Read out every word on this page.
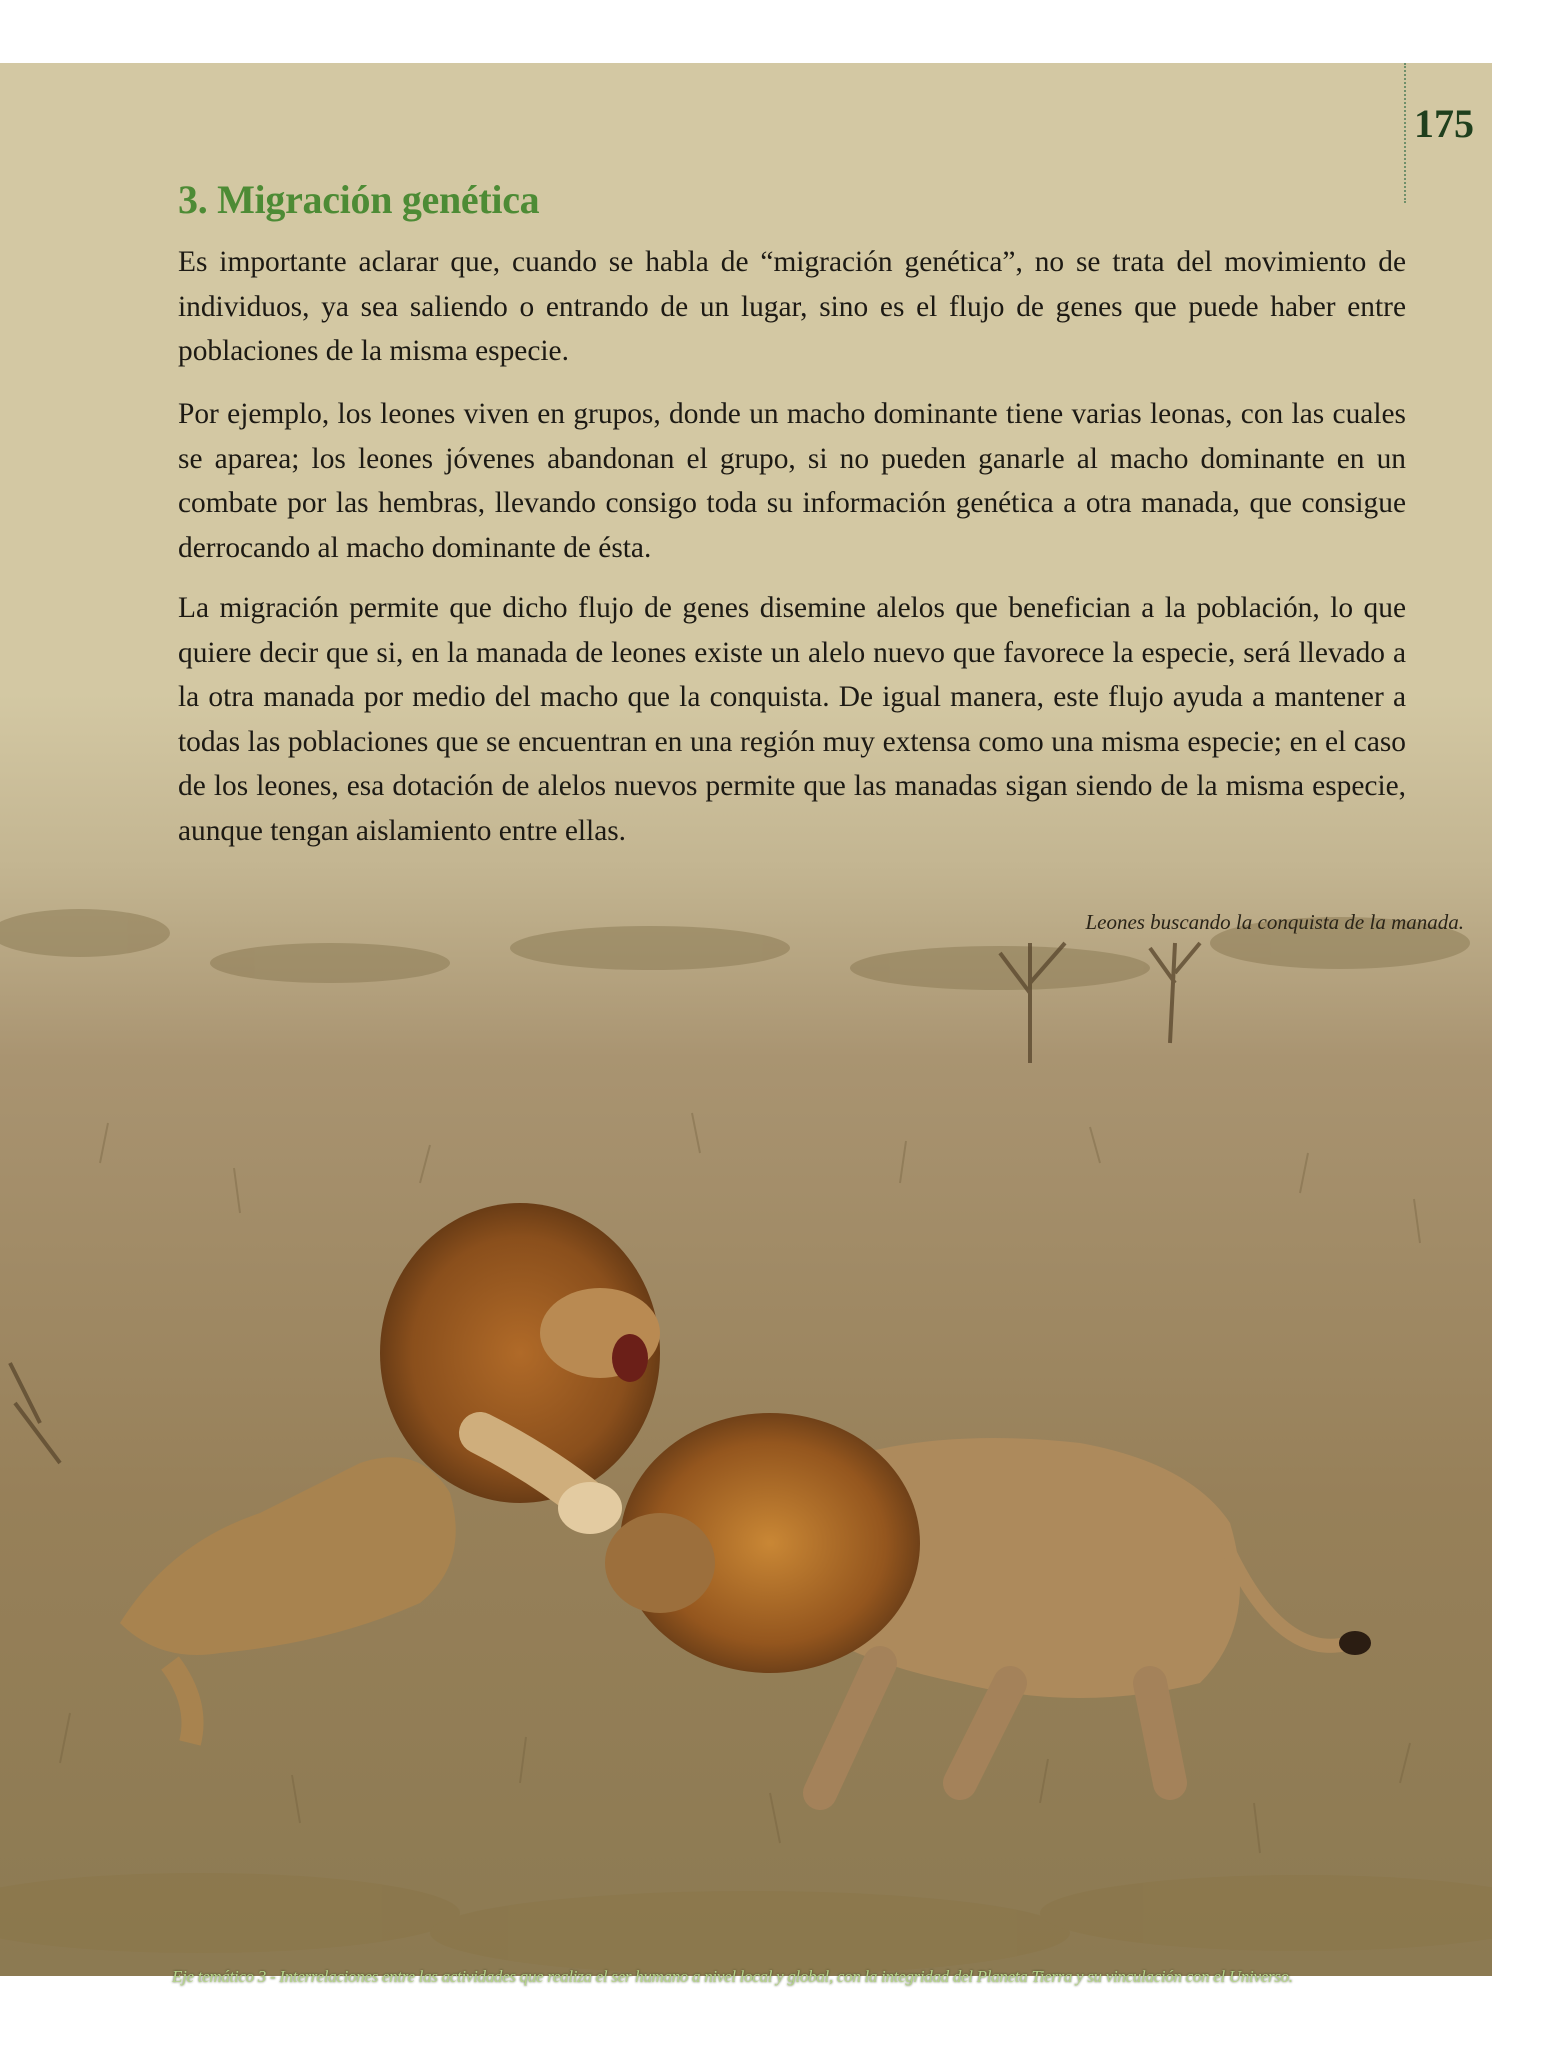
175
3. Migración genética

Es importante aclarar que, cuando se habla de “migración genética”, no se trata del movimiento de individuos, ya sea saliendo o entrando de un lugar, sino es el flujo de genes que puede haber entre poblaciones de la misma especie.

Por ejemplo, los leones viven en grupos, donde un macho dominante tiene varias leonas, con las cuales se aparea; los leones jóvenes abandonan el grupo, si no pueden ganarle al macho dominante en un combate por las hembras, llevando consigo toda su información genética a otra manada, que consigue derrocando al macho dominante de ésta.

La migración permite que dicho flujo de genes disemine alelos que benefician a la población, lo que quiere decir que si, en la manada de leones existe un alelo nuevo que favorece la especie, será llevado a la otra manada por medio del macho que la conquista. De igual manera, este flujo ayuda a mantener a todas las poblaciones que se encuentran en una región muy extensa como una misma especie; en el caso de los leones, esa dotación de alelos nuevos permite que las manadas sigan siendo de la misma especie, aunque tengan aislamiento entre ellas.

Leones buscando la conquista de la manada.
Eje temático 3 - Interrelaciones entre las actividades que realiza el ser humano a nivel local y global, con la integridad del Planeta Tierra y su vinculación con el Universo.
